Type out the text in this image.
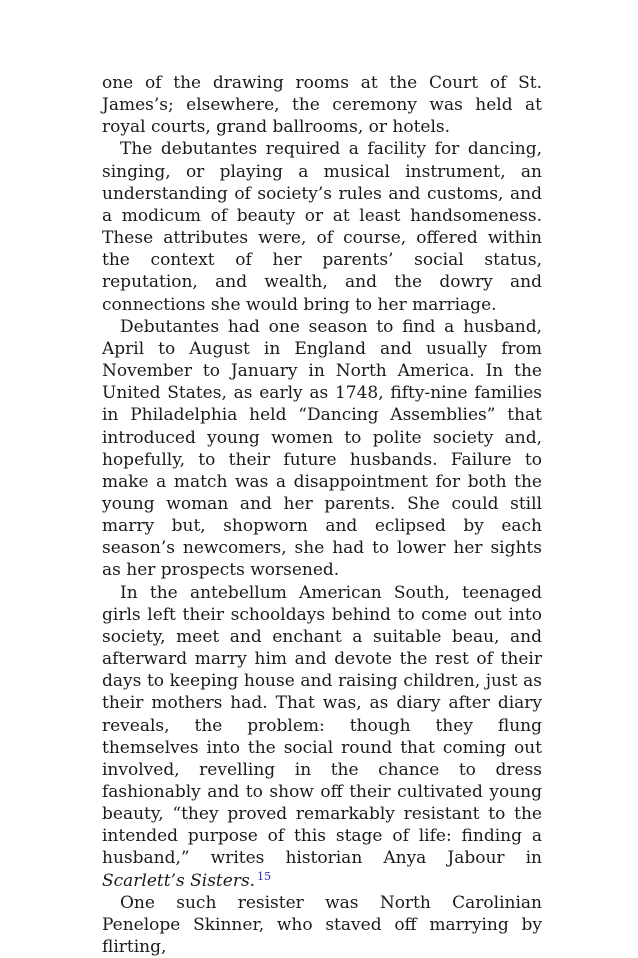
one of the drawing rooms at the Court of St. James’s; elsewhere, the ceremony was held at royal courts, grand ballrooms, or hotels.

The debutantes required a facility for dancing, singing, or playing a musical instrument, an understanding of society’s rules and customs, and a modicum of beauty or at least handsomeness. These attributes were, of course, offered within the context of her parents’ social status, reputation, and wealth, and the dowry and connections she would bring to her marriage.

Debutantes had one season to find a husband, April to August in England and usually from November to January in North America. In the United States, as early as 1748, fifty-nine families in Philadelphia held “Dancing Assemblies” that introduced young women to polite society and, hopefully, to their future husbands. Failure to make a match was a disappointment for both the young woman and her parents. She could still marry but, shopworn and eclipsed by each season’s newcomers, she had to lower her sights as her prospects worsened.

In the antebellum American South, teenaged girls left their schooldays behind to come out into society, meet and enchant a suitable beau, and afterward marry him and devote the rest of their days to keeping house and raising children, just as their mothers had. That was, as diary after diary reveals, the problem: though they flung themselves into the social round that coming out involved, revelling in the chance to dress fashionably and to show off their cultivated young beauty, “they proved remarkably resistant to the intended purpose of this stage of life: finding a husband,” writes historian Anya Jabour in Scarlett’s Sisters. $^{15}$

One such resister was North Carolinian Penelope Skinner, who staved off marrying by flirting,
